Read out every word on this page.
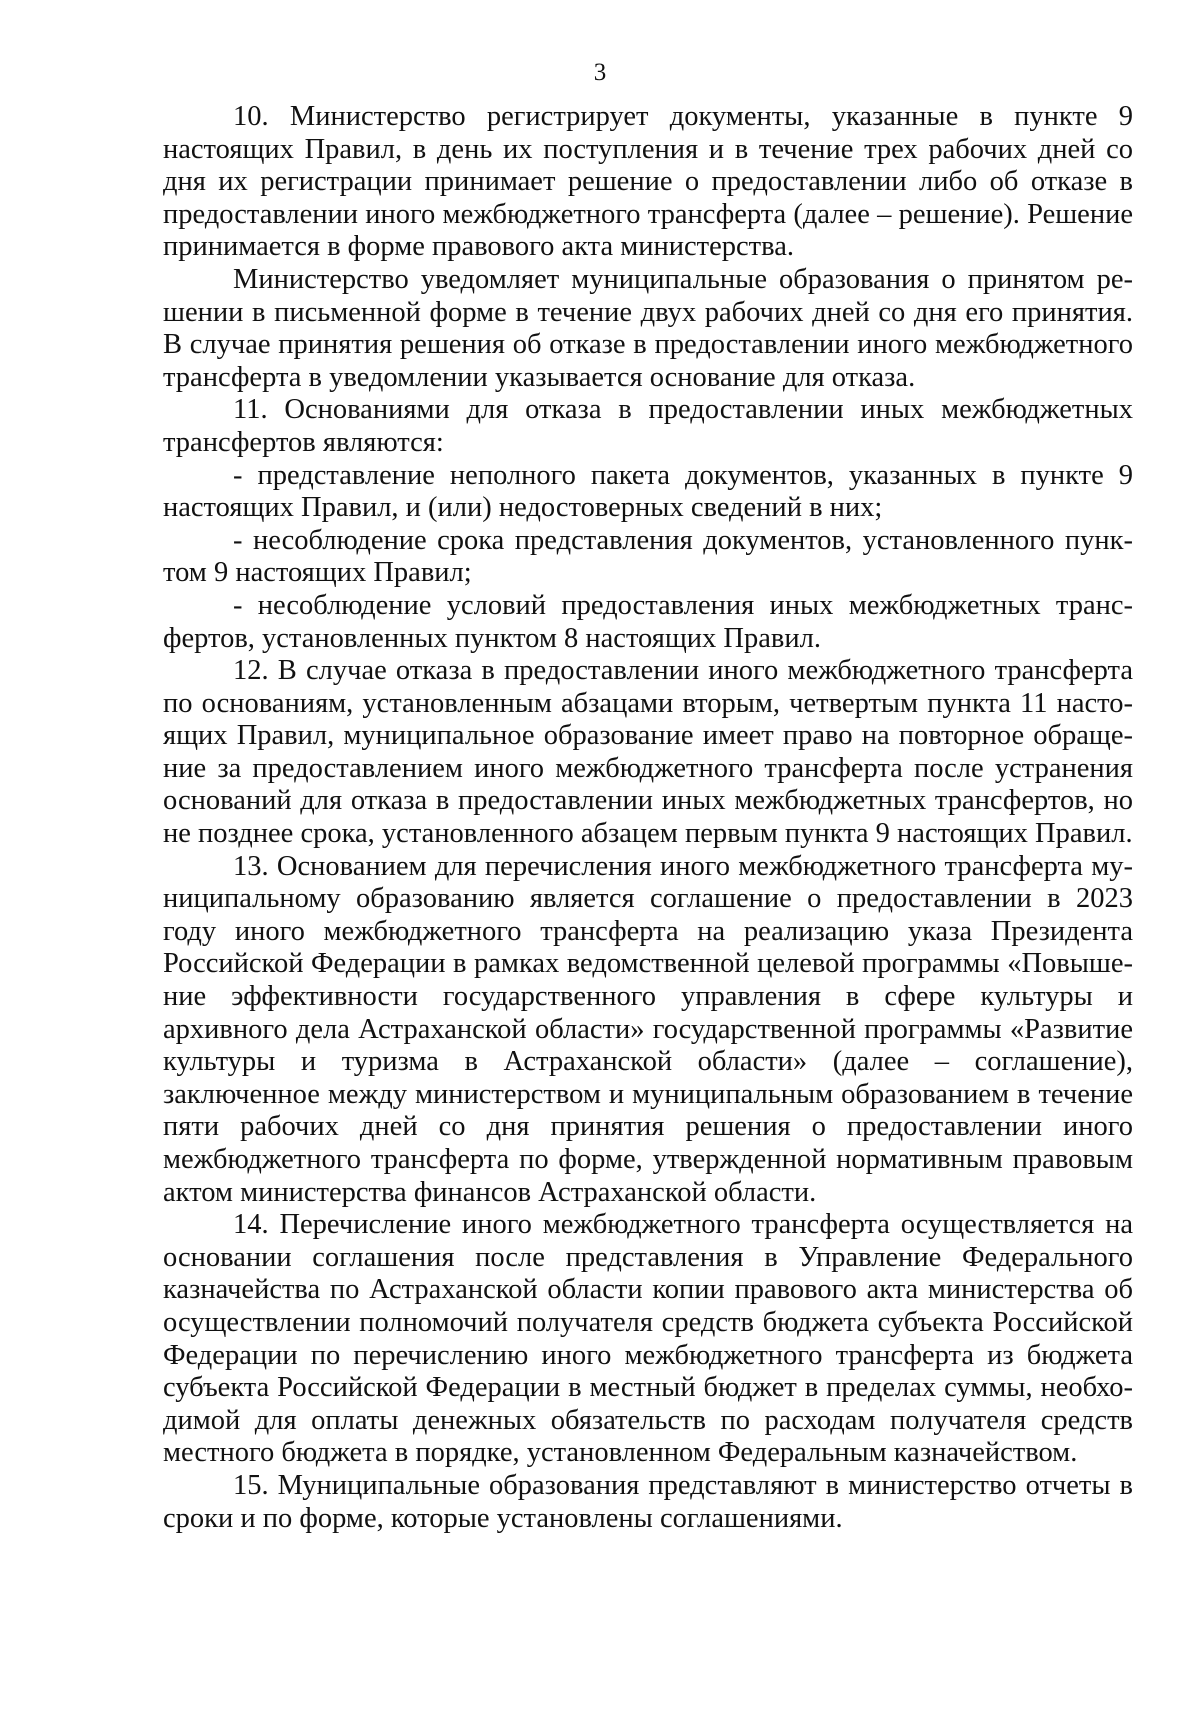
3

10. Министерство регистрирует документы, указанные в пункте 9 настоящих Правил, в день их поступления и в течение трех рабочих дней со дня их регистрации принимает решение о предоставлении либо об отказе в предоставлении иного межбюджетного трансферта (далее – решение). Решение принимается в форме правового акта министерства.

Министерство уведомляет муниципальные образования о принятом решении в письменной форме в течение двух рабочих дней со дня его принятия. В случае принятия решения об отказе в предоставлении иного межбюджетного трансферта в уведомлении указывается основание для отказа.

11. Основаниями для отказа в предоставлении иных межбюджетных трансфертов являются:

- представление неполного пакета документов, указанных в пункте 9 настоящих Правил, и (или) недостоверных сведений в них;

- несоблюдение срока представления документов, установленного пунктом 9 настоящих Правил;

- несоблюдение условий предоставления иных межбюджетных трансфертов, установленных пунктом 8 настоящих Правил.

12. В случае отказа в предоставлении иного межбюджетного трансферта по основаниям, установленным абзацами вторым, четвертым пункта 11 настоящих Правил, муниципальное образование имеет право на повторное обращение за предоставлением иного межбюджетного трансферта после устранения оснований для отказа в предоставлении иных межбюджетных трансфертов, но не позднее срока, установленного абзацем первым пункта 9 настоящих Правил.

13. Основанием для перечисления иного межбюджетного трансферта муниципальному образованию является соглашение о предоставлении в 2023 году иного межбюджетного трансферта на реализацию указа Президента Российской Федерации в рамках ведомственной целевой программы «Повышение эффективности государственного управления в сфере культуры и архивного дела Астраханской области» государственной программы «Развитие культуры и туризма в Астраханской области» (далее – соглашение), заключенное между министерством и муниципальным образованием в течение пяти рабочих дней со дня принятия решения о предоставлении иного межбюджетного трансферта по форме, утвержденной нормативным правовым актом министерства финансов Астраханской области.

14. Перечисление иного межбюджетного трансферта осуществляется на основании соглашения после представления в Управление Федерального казначейства по Астраханской области копии правового акта министерства об осуществлении полномочий получателя средств бюджета субъекта Российской Федерации по перечислению иного межбюджетного трансферта из бюджета субъекта Российской Федерации в местный бюджет в пределах суммы, необходимой для оплаты денежных обязательств по расходам получателя средств местного бюджета в порядке, установленном Федеральным казначейством.

15. Муниципальные образования представляют в министерство отчеты в сроки и по форме, которые установлены соглашениями.
